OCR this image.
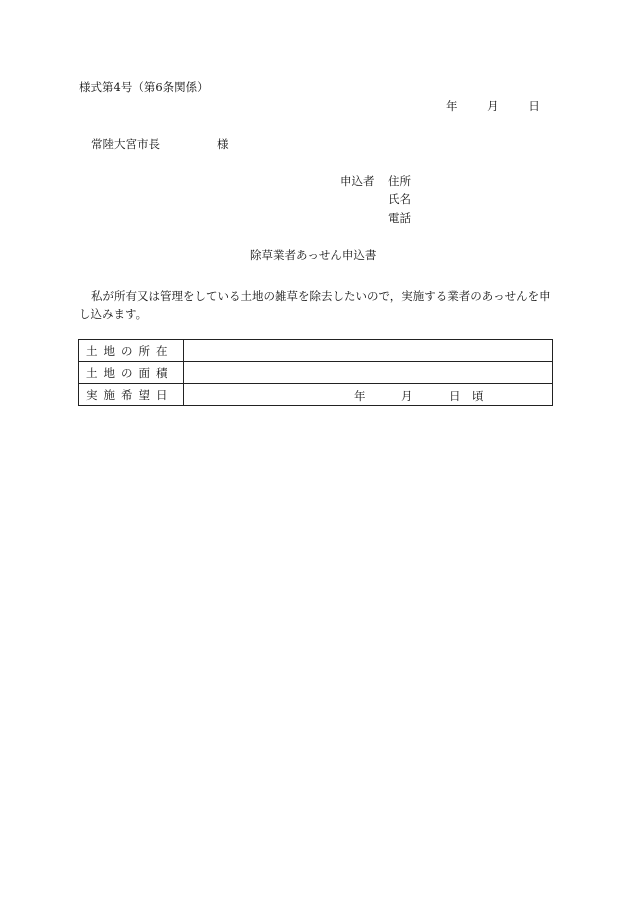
様式第4号（第6条関係）
年	月	日
常陸大宮市長	様
申込者 住所
氏名
電話
除草業者あっせん申込書
私が所有又は管理をしている土地の雑草を除去したいので，実施する業者のあっせんを申し込みます。
土地の所在	
土地の面積	
実施希望日	年 月 日 頃
